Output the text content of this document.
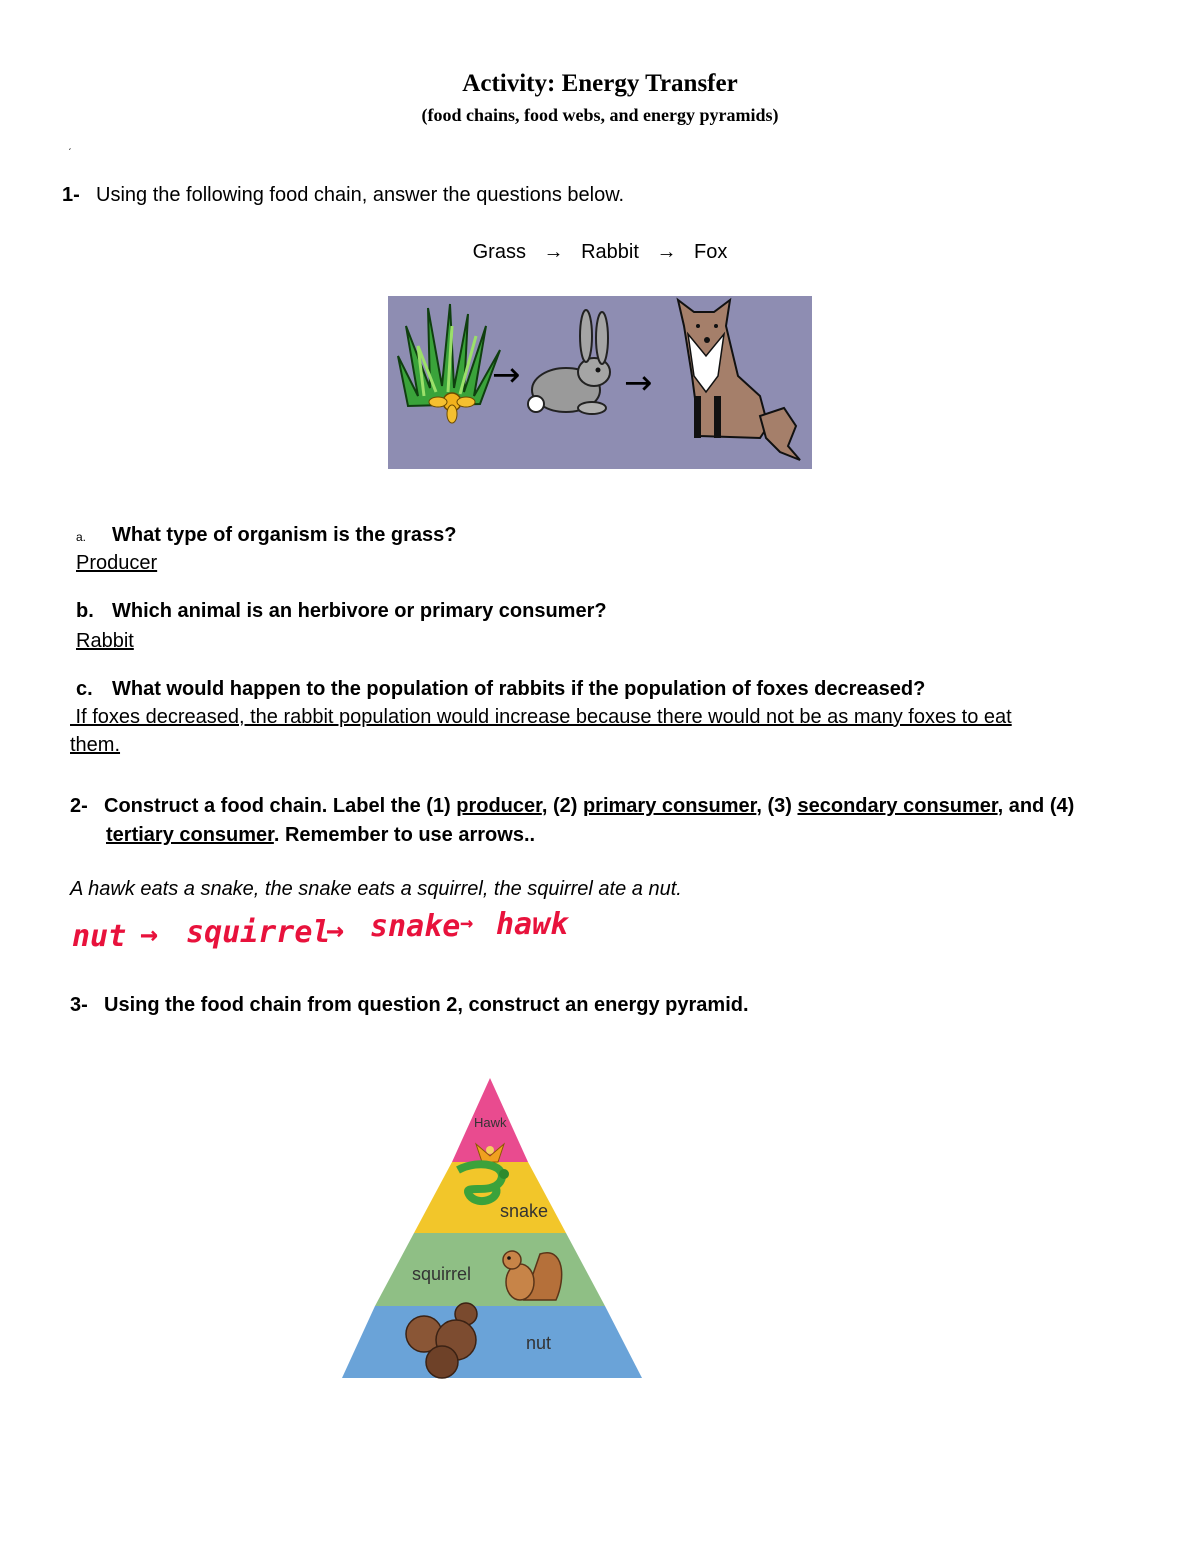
Activity: Energy Transfer
(food chains, food webs, and energy pyramids)
ˏ
1- Using the following food chain, answer the questions below.
Grass → Rabbit → Fox
→	→
a. What type of organism is the grass?
Producer
b. Which animal is an herbivore or primary consumer?
Rabbit
c. What would happen to the population of rabbits if the population of foxes decreased?
If foxes decreased, the rabbit population would increase because there would not be as many foxes to eat
them.
2- Construct a food chain. Label the (1) producer, (2) primary consumer, (3) secondary consumer, and (4)
tertiary consumer. Remember to use arrows..
A hawk eats a snake, the snake eats a squirrel, the squirrel ate a nut.
nut → squirrel
→ snake → hawk
3- Using the food chain from question 2, construct an energy pyramid.
Hawk
snake
squirrel
nut
